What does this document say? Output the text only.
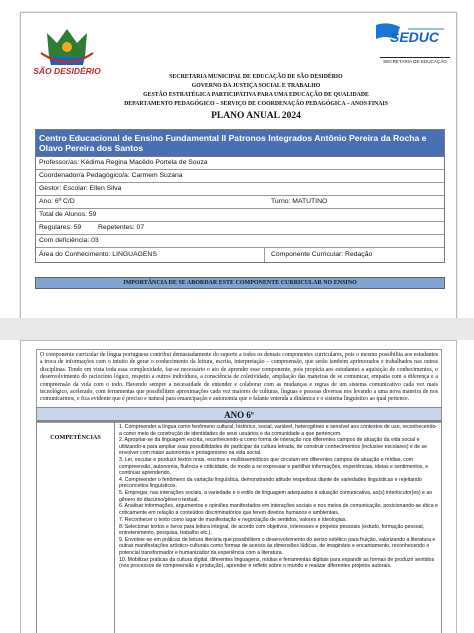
SÃO DESIDÉRIO
SEDUC
SECRETARIA DE EDUCAÇÃO
SECRETARIA MUNICIPAL DE EDUCAÇÃO DE SÃO DESIDÉRIO
GOVERNO DA JUSTIÇA SOCIAL E TRABALHO
GESTÃO ESTRATÉGICA PARTICIPATIVA PARA UMA EDUCAÇÃO DE QUALIDADE
DEPARTAMENTO PEDAGÓGICO – SERVIÇO DE COORDENAÇÃO PEDAGÓGICA – ANOS FINAIS
PLANO ANUAL 2024
Centro Educacional de Ensino Fundamental II Patronos Integrados Antônio Pereira da Rocha e Olavo Pereira dos Santos
Professor/as: Kédima Regina Macêdo Portela de Souza
Coordenador/a Pedagógico/a: Carmem Suzana
Gestor: Escolar: Ellen Silva
Ano: 6º C/D	Turno: MATUTINO
Total de Alunos: 59
Regulares: 59 Repetentes: 07
Com deficiência: 03
Área do Conhecimento: LINGUAGENS	Componente Curricular: Redação
IMPORTÂNCIA DE SE ABORDAR ESTE COMPONENTE CURRICULAR NO ENSINO
O componente curricular de língua portuguesa contribui demasiadamente do suporte a todos os demais componentes curriculares, pois o mesmo possibilita aos estudantes a troca de informações com o intuito de gerar o conhecimento da leitura, escrita, interpretação – compreensão, que serão também aprimorados e trabalhados nas outras disciplinas. Tendo em vista toda essa complexidade, faz-se necessário o ato de aprender esse componente, pois propicia aos estudantes a aquisição de conhecimentos, o desenvolvimento do raciocínio lógico, respeito a outros indivíduos, a consciência de coletividade, ampliação das maneiras de se comunicar, empatia com a diferença e a compreensão da vida com o todo. Havendo sempre a necessidade de entender e colaborar com as mudanças e regras de um sistema comunicativo cada vez mais tecnológico, acelerado, com ferramentas que possibilitem aproximações cada vez maiores de culturas, línguas e pessoas diversas nos levando a uma nova maneira de nos comunicarmos, e fica evidente que é preciso e natural para emancipação e autonomia que o falante entenda a dinâmica e o sistema linguístico ao qual pertence.
ANO 6º
COMPETÊNCIAS
1. Compreender a língua como fenômeno cultural, histórico, social, variável, heterogêneo e sensível aos contextos de uso, reconhecendo-a como meio de construção de identidades de seus usuários e da comunidade a que pertencem.
2. Apropriar-se da linguagem escrita, reconhecendo-a como forma de interação nos diferentes campos de atuação da vida social e utilizando-a para ampliar suas possibilidades de participar da cultura letrada, de construir conhecimentos (inclusive escolares) e de se envolver com maior autonomia e protagonismo na vida social.
3. Ler, escutar e produzir textos orais, escritos e multissemióticos que circulam em diferentes campos de atuação e mídias, com compreensão, autonomia, fluência e criticidade, de modo a se expressar e partilhar informações, experiências, ideias e sentimentos, e continuar aprendendo.
4. Compreender o fenômeno da variação linguística, demonstrando atitude respeitosa diante de variedades linguísticas e rejeitando preconceitos linguísticos.
5. Empregar, nas interações sociais, a variedade e o estilo de linguagem adequados à situação comunicativa, ao(s) interlocutor(es) e ao gênero do discurso/gênero textual.
6. Analisar informações, argumentos e opiniões manifestados em interações sociais e nos meios de comunicação, posicionando-se ética e criticamente em relação a conteúdos discriminatórios que ferem direitos humanos e ambientais.
7. Reconhecer o texto como lugar de manifestação e negociação de sentidos, valores e ideologias.
8. Selecionar textos e livros para leitura integral, de acordo com objetivos, interesses e projetos pessoais (estudo, formação pessoal, entretenimento, pesquisa, trabalho etc.).
9. Envolver-se em práticas de leitura literária que possibilitem o desenvolvimento do senso estético para fruição, valorizando a literatura e outras manifestações artístico-culturais como formas de acesso às dimensões lúdicas, de imaginário e encantamento, reconhecendo o potencial transformador e humanizador da experiência com a literatura.
10. Mobilizar práticas da cultura digital, diferentes linguagens, mídias e ferramentas digitais para expandir as formas de produzir sentidos (nos processos de compreensão e produção), aprender e refletir sobre o mundo e realizar diferentes projetos autorais.
